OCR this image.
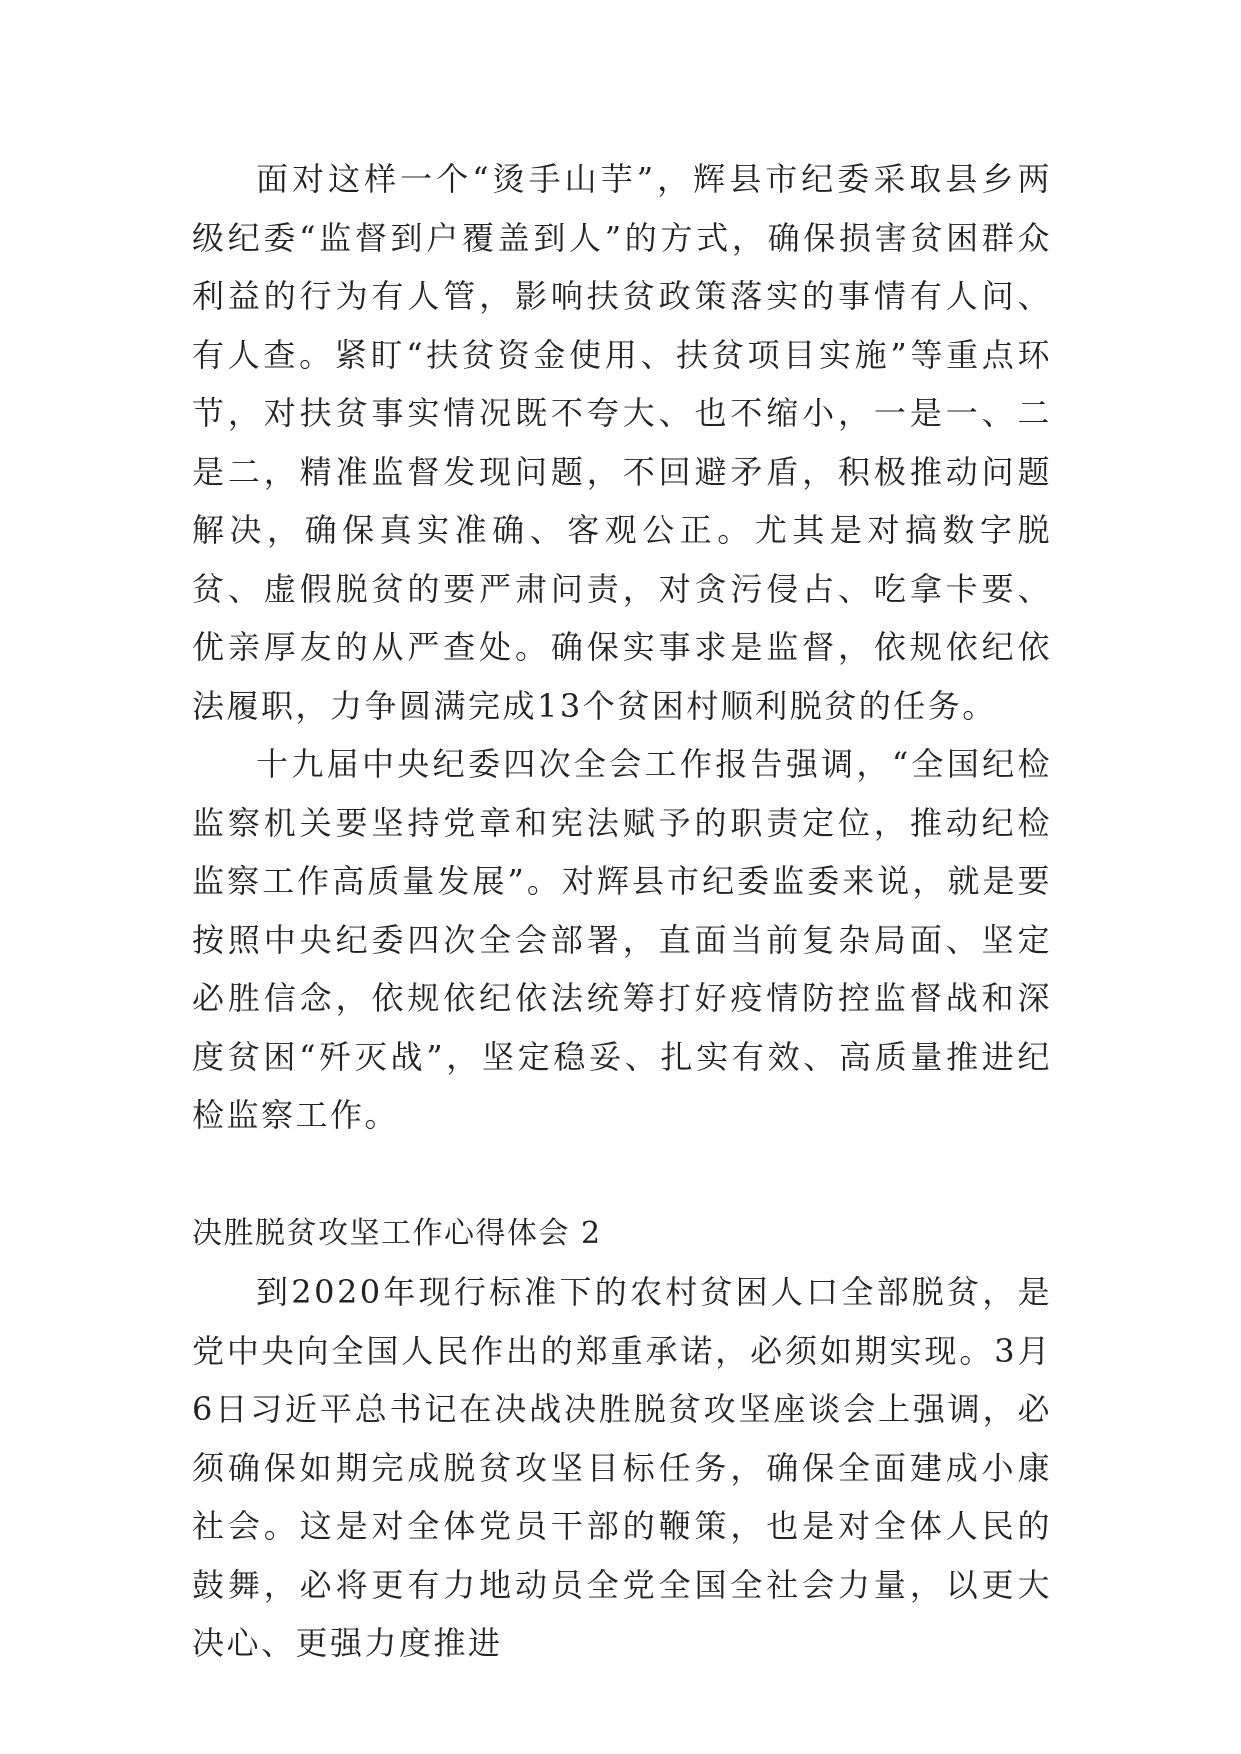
面对这样一个“烫手山芋”，辉县市纪委采取县乡两级纪委“监督到户覆盖到人”的方式，确保损害贫困群众利益的行为有人管，影响扶贫政策落实的事情有人问、有人查。紧盯“扶贫资金使用、扶贫项目实施”等重点环节，对扶贫事实情况既不夸大、也不缩小，一是一、二是二，精准监督发现问题，不回避矛盾，积极推动问题解决，确保真实准确、客观公正。尤其是对搞数字脱贫、虚假脱贫的要严肃问责，对贪污侵占、吃拿卡要、优亲厚友的从严查处。确保实事求是监督，依规依纪依法履职，力争圆满完成13个贫困村顺利脱贫的任务。

十九届中央纪委四次全会工作报告强调，“全国纪检监察机关要坚持党章和宪法赋予的职责定位，推动纪检监察工作高质量发展”。对辉县市纪委监委来说，就是要按照中央纪委四次全会部署，直面当前复杂局面、坚定必胜信念，依规依纪依法统筹打好疫情防控监督战和深度贫困“歼灭战”，坚定稳妥、扎实有效、高质量推进纪检监察工作。

决胜脱贫攻坚工作心得体会 2

到2020年现行标准下的农村贫困人口全部脱贫，是党中央向全国人民作出的郑重承诺，必须如期实现。3月6日习近平总书记在决战决胜脱贫攻坚座谈会上强调，必须确保如期完成脱贫攻坚目标任务，确保全面建成小康社会。这是对全体党员干部的鞭策，也是对全体人民的鼓舞，必将更有力地动员全党全国全社会力量，以更大决心、更强力度推进
